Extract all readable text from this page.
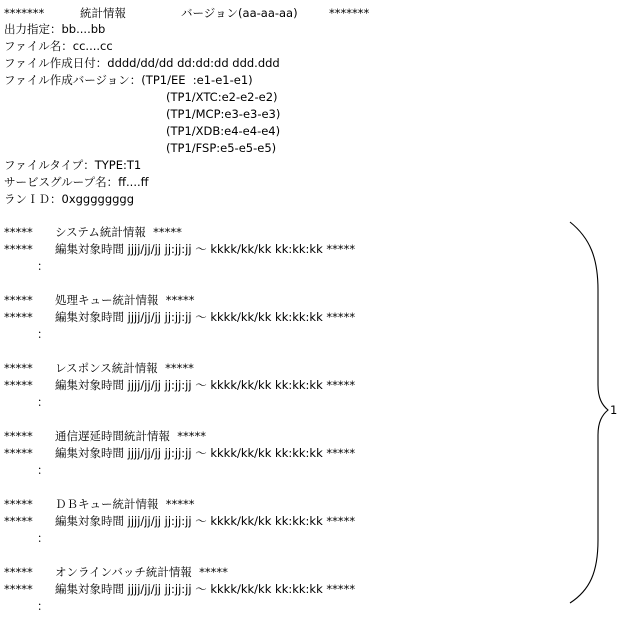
*******

	統計情報

	バージョン(aa-aa-aa)

	*******

出力指定：bb....bb
ファイル名：cc....cc
ファイル作成日付：dddd/dd/dd dd:dd:dd ddd.ddd
ファイル作成バージョン：(TP1/EE  :e1-e1-e1)
(TP1/XTC:e2-e2-e2)
(TP1/MCP:e3-e3-e3)
(TP1/XDB:e4-e4-e4)
(TP1/FSP:e5-e5-e5)
ファイルタイプ：TYPE:T1
サービスグループ名：ff....ff
ランＩＤ：0xgggggggg
***** システム統計情報  *****
***** 編集対象時間 jjjj/jj/jj jj:jj:jj ～ kkkk/kk/kk kk:kk:kk *****
：
***** 処理キュー統計情報  *****
***** 編集対象時間 jjjj/jj/jj jj:jj:jj ～ kkkk/kk/kk kk:kk:kk *****
：
***** レスポンス統計情報  *****
***** 編集対象時間 jjjj/jj/jj jj:jj:jj ～ kkkk/kk/kk kk:kk:kk *****
：
***** 通信遅延時間統計情報  *****
***** 編集対象時間 jjjj/jj/jj jj:jj:jj ～ kkkk/kk/kk kk:kk:kk *****
：
***** ＤＢキュー統計情報  *****
***** 編集対象時間 jjjj/jj/jj jj:jj:jj ～ kkkk/kk/kk kk:kk:kk *****
：
***** オンラインバッチ統計情報  *****
***** 編集対象時間 jjjj/jj/jj jj:jj:jj ～ kkkk/kk/kk kk:kk:kk *****
：
1
